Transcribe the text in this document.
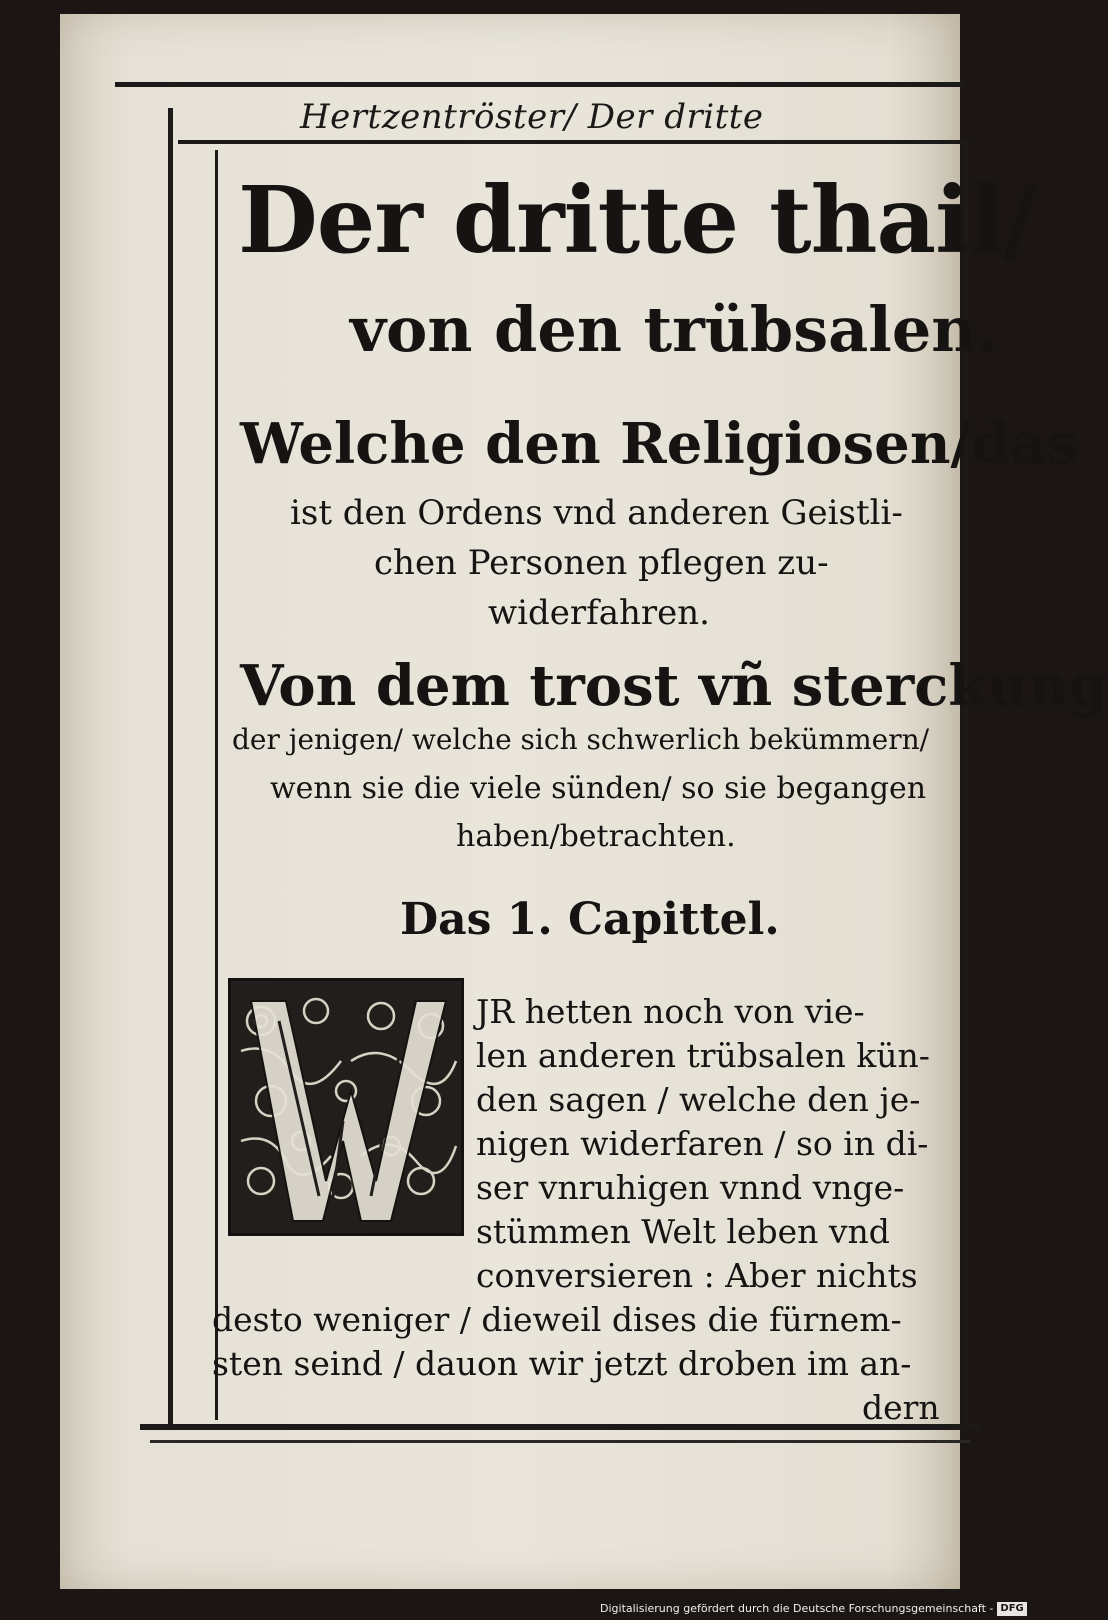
Hertzentröster/ Der dritte
Der dritte thail/
von den trübsalen.
Welche den Religiosen/das
ist den Ordens vnd anderen Geistli-
chen Personen pflegen zu-
widerfahren.
Von dem trost vñ sterckung
der jenigen/ welche sich schwerlich bekümmern/
wenn sie die viele sünden/ so sie begangen
haben/betrachten.
Das 1. Capittel.
JR hetten noch von vie-
len anderen trübsalen kün-
den sagen / welche den je-
nigen widerfaren / so in di-
ser vnruhigen vnnd vnge-
stümmen Welt leben vnd
conversieren : Aber nichts
desto weniger / dieweil dises die fürnem-
sten seind / dauon wir jetzt droben im an-
dern
Digitalisierung gefördert durch die Deutsche Forschungsgemeinschaft - DFG
